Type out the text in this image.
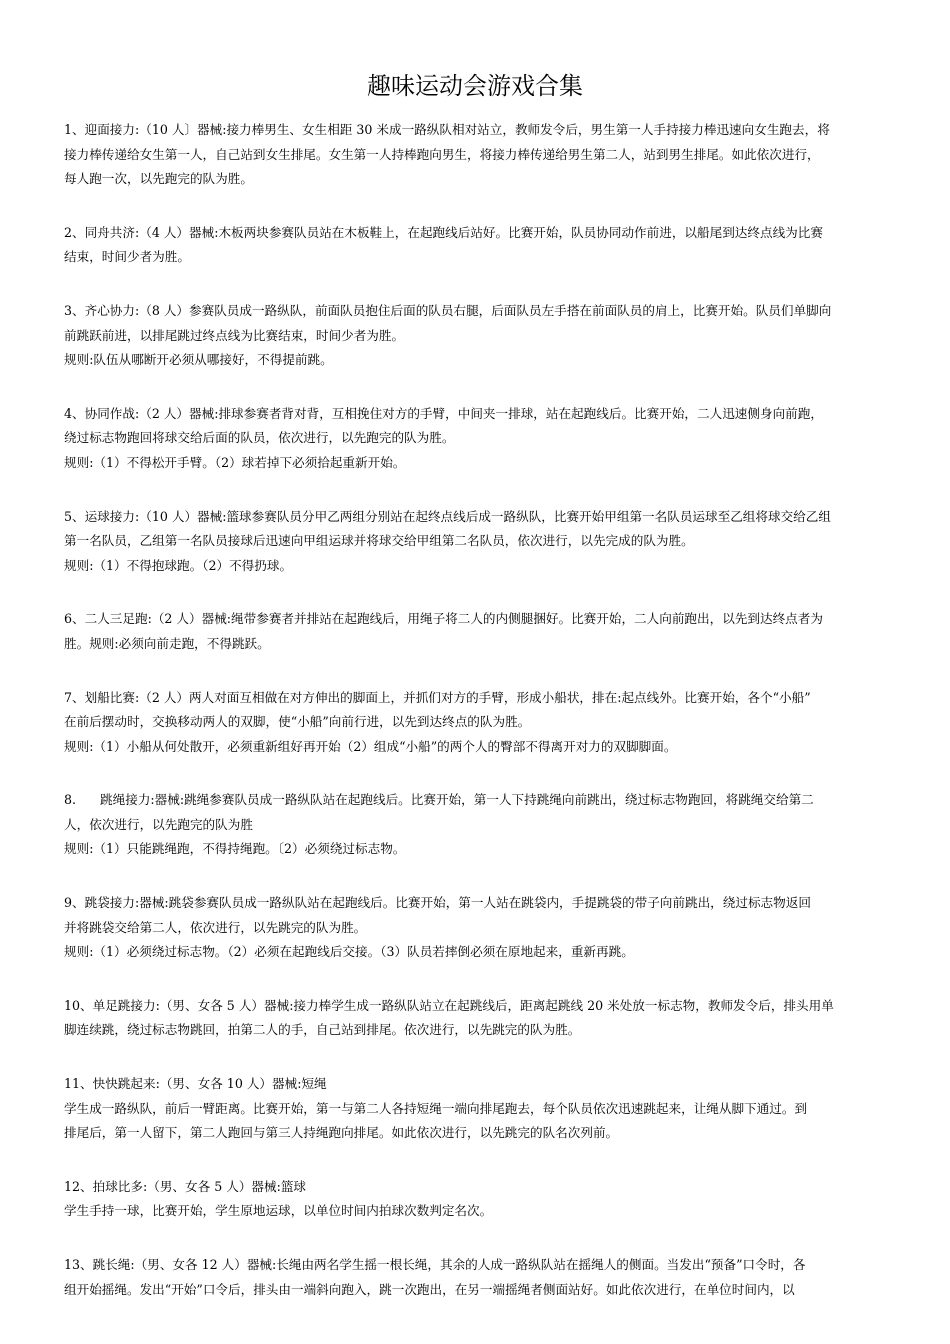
趣味运动会游戏合集
1、迎面接力:（10 人〕器械:接力棒男生、女生相距 30 米成一路纵队相对站立，教师发令后，男生第一人手持接力棒迅速向女生跑去，将
接力棒传递给女生第一人，自己站到女生排尾。女生第一人持棒跑向男生，将接力棒传递给男生第二人，站到男生排尾。如此依次进行，
每人跑一次，以先跑完的队为胜。
2、同舟共济:（4 人）器械:木板两块参赛队员站在木板鞋上，在起跑线后站好。比赛开始，队员协同动作前进，以船尾到达终点线为比赛
结束，时间少者为胜。
3、齐心协力:（8 人）参赛队员成一路纵队，前面队员抱住后面的队员右腿，后面队员左手搭在前面队员的肩上，比赛开始。队员们单脚向
前跳跃前进，以排尾跳过终点线为比赛结束，时间少者为胜。
规则:队伍从哪断开必须从哪接好，不得提前跳。
4、协同作战:（2 人）器械:排球参赛者背对背，互相挽住对方的手臂，中间夹一排球，站在起跑线后。比赛开始，二人迅速侧身向前跑，
绕过标志物跑回将球交给后面的队员，依次进行，以先跑完的队为胜。
规则:（1）不得松开手臂。（2）球若掉下必须拾起重新开始。
5、运球接力:（10 人）器械:篮球参赛队员分甲乙两组分别站在起终点线后成一路纵队，比赛开始甲组第一名队员运球至乙组将球交给乙组
第一名队员，乙组第一名队员接球后迅速向甲组运球并将球交给甲组第二名队员，依次进行，以先完成的队为胜。
规则:（1）不得抱球跑。（2）不得扔球。
6、二人三足跑:（2 人）器械:绳带参赛者并排站在起跑线后，用绳子将二人的内侧腿捆好。比赛开始，二人向前跑出，以先到达终点者为
胜。规则:必须向前走跑，不得跳跃。
7、划船比赛:（2 人）两人对面互相做在对方伸出的脚面上，并抓们对方的手臂，形成小船状，排在:起点线外。比赛开始，各个“小船”
在前后摆动时，交换移动两人的双脚，使“小船”向前行进，以先到达终点的队为胜。
规则:（1）小船从何处散开，必须重新组好再开始（2）组成“小船”的两个人的臀部不得离开对力的双脚脚面。
8.      跳绳接力:器械:跳绳参赛队员成一路纵队站在起跑线后。比赛开始，第一人下持跳绳向前跳出，绕过标志物跑回，将跳绳交给第二
人，依次进行，以先跑完的队为胜
规则:（1）只能跳绳跑，不得持绳跑。〔2）必须绕过标志物。
9、跳袋接力:器械:跳袋参赛队员成一路纵队站在起跑线后。比赛开始，第一人站在跳袋内，手提跳袋的带子向前跳出，绕过标志物返回
并将跳袋交给第二人，依次进行，以先跳完的队为胜。
规则:（1）必须绕过标志物。（2）必须在起跑线后交接。（3）队员若摔倒必须在原地起来，重新再跳。
10、单足跳接力:（男、女各 5 人）器械:接力棒学生成一路纵队站立在起跳线后，距离起跳线 20 米处放一标志物，教师发令后，排头用单
脚连续跳，绕过标志物跳回，拍第二人的手，自己站到排尾。依次进行，以先跳完的队为胜。
11、快快跳起来:（男、女各 10 人）器械:短绳
学生成一路纵队，前后一臂距离。比赛开始，第一与第二人各持短绳一端向排尾跑去，每个队员依次迅速跳起来，让绳从脚下通过。到
排尾后，第一人留下，第二人跑回与第三人持绳跑向排尾。如此依次进行，以先跳完的队名次列前。
12、拍球比多:（男、女各 5 人）器械:篮球
学生手持一球，比赛开始，学生原地运球，以单位时间内拍球次数判定名次。
13、跳长绳:（男、女各 12 人）器械:长绳由两名学生摇一根长绳，其余的人成一路纵队站在摇绳人的侧面。当发出“预备”口令时，各
组开始摇绳。发出“开始”口令后，排头由一端斜向跑入，跳一次跑出，在另一端摇绳者侧面站好。如此依次进行，在单位时间内，以
